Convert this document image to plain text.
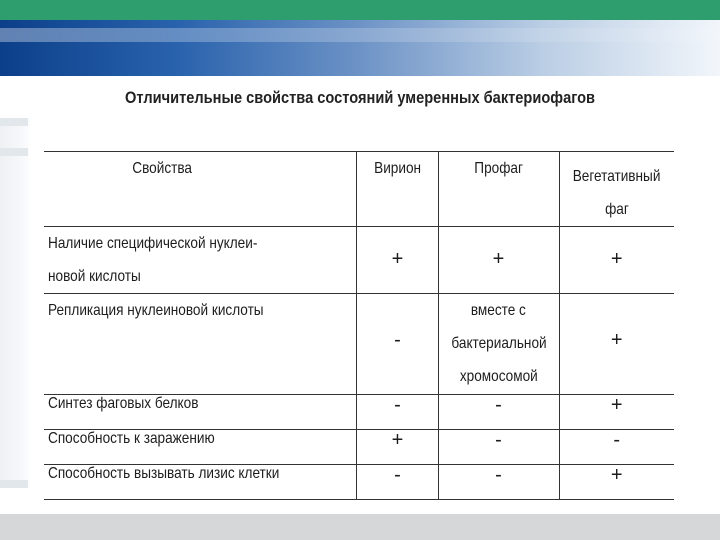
Отличительные свойства состояний умеренных бактериофагов
Свойства	Вирион	Профаг	Вегетативный
фаг

Наличие специфической нуклеи-
новой кислоты	+	+	+

Репликация нуклеиновой кислоты	-	вместе с
бактериальной
хромосомой	+

Синтез фаговых белков	-	-	+
Способность к заражению	+	-	-
Способность вызывать лизис клетки	-	-	+
